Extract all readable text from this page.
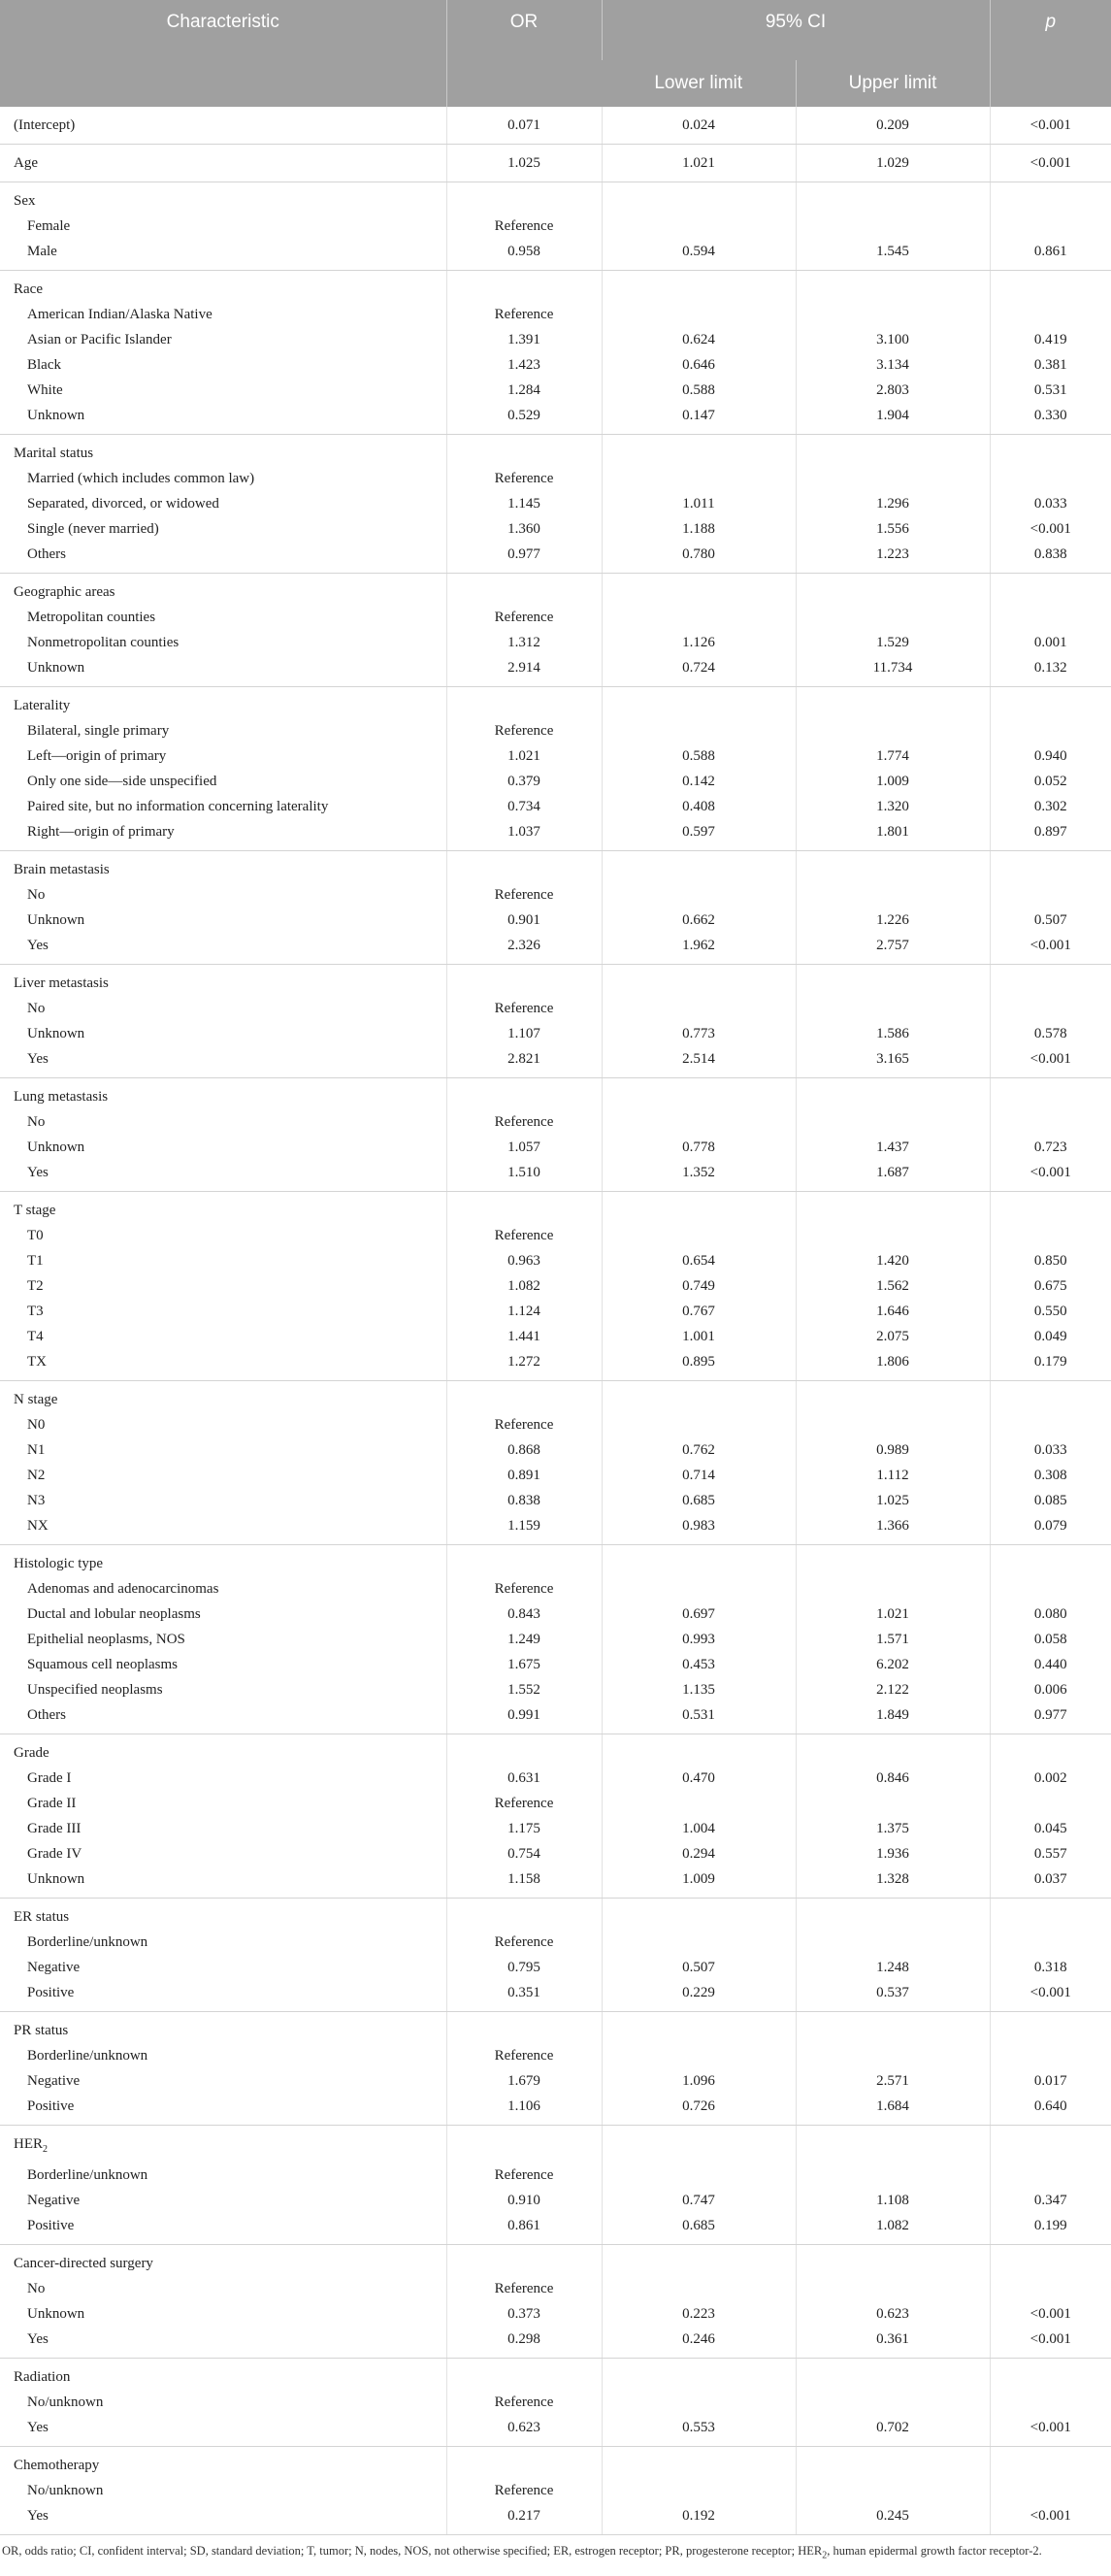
Characteristic	OR	95% CI		p
		Lower limit	Upper limit	
(Intercept)	0.071	0.024	0.209	<0.001
Age	1.025	1.021	1.029	<0.001
Sex				
Female	Reference			
Male	0.958	0.594	1.545	0.861
Race				
American Indian/Alaska Native	Reference			
Asian or Pacific Islander	1.391	0.624	3.100	0.419
Black	1.423	0.646	3.134	0.381
White	1.284	0.588	2.803	0.531
Unknown	0.529	0.147	1.904	0.330
Marital status				
Married (which includes common law)	Reference			
Separated, divorced, or widowed	1.145	1.011	1.296	0.033
Single (never married)	1.360	1.188	1.556	<0.001
Others	0.977	0.780	1.223	0.838
Geographic areas				
Metropolitan counties	Reference			
Nonmetropolitan counties	1.312	1.126	1.529	0.001
Unknown	2.914	0.724	11.734	0.132
Laterality				
Bilateral, single primary	Reference			
Left—origin of primary	1.021	0.588	1.774	0.940
Only one side—side unspecified	0.379	0.142	1.009	0.052
Paired site, but no information concerning laterality	0.734	0.408	1.320	0.302
Right—origin of primary	1.037	0.597	1.801	0.897
Brain metastasis				
No	Reference			
Unknown	0.901	0.662	1.226	0.507
Yes	2.326	1.962	2.757	<0.001
Liver metastasis				
No	Reference			
Unknown	1.107	0.773	1.586	0.578
Yes	2.821	2.514	3.165	<0.001
Lung metastasis				
No	Reference			
Unknown	1.057	0.778	1.437	0.723
Yes	1.510	1.352	1.687	<0.001
T stage				
T0	Reference			
T1	0.963	0.654	1.420	0.850
T2	1.082	0.749	1.562	0.675
T3	1.124	0.767	1.646	0.550
T4	1.441	1.001	2.075	0.049
TX	1.272	0.895	1.806	0.179
N stage				
N0	Reference			
N1	0.868	0.762	0.989	0.033
N2	0.891	0.714	1.112	0.308
N3	0.838	0.685	1.025	0.085
NX	1.159	0.983	1.366	0.079
Histologic type				
Adenomas and adenocarcinomas	Reference			
Ductal and lobular neoplasms	0.843	0.697	1.021	0.080
Epithelial neoplasms, NOS	1.249	0.993	1.571	0.058
Squamous cell neoplasms	1.675	0.453	6.202	0.440
Unspecified neoplasms	1.552	1.135	2.122	0.006
Others	0.991	0.531	1.849	0.977
Grade				
Grade I	0.631	0.470	0.846	0.002
Grade II	Reference			
Grade III	1.175	1.004	1.375	0.045
Grade IV	0.754	0.294	1.936	0.557
Unknown	1.158	1.009	1.328	0.037
ER status				
Borderline/unknown	Reference			
Negative	0.795	0.507	1.248	0.318
Positive	0.351	0.229	0.537	<0.001
PR status				
Borderline/unknown	Reference			
Negative	1.679	1.096	2.571	0.017
Positive	1.106	0.726	1.684	0.640
$HER_2$				
Borderline/unknown	Reference			
Negative	0.910	0.747	1.108	0.347
Positive	0.861	0.685	1.082	0.199
Cancer-directed surgery				
No	Reference			
Unknown	0.373	0.223	0.623	<0.001
Yes	0.298	0.246	0.361	<0.001
Radiation				
No/unknown	Reference			
Yes	0.623	0.553	0.702	<0.001
Chemotherapy				
No/unknown	Reference			
Yes	0.217	0.192	0.245	<0.001
OR, odds ratio; CI, confident interval; SD, standard deviation; T, tumor; N, nodes, NOS, not otherwise specified; ER, estrogen receptor; PR, progesterone receptor; $HER_2$, human epidermal growth factor receptor-2.
